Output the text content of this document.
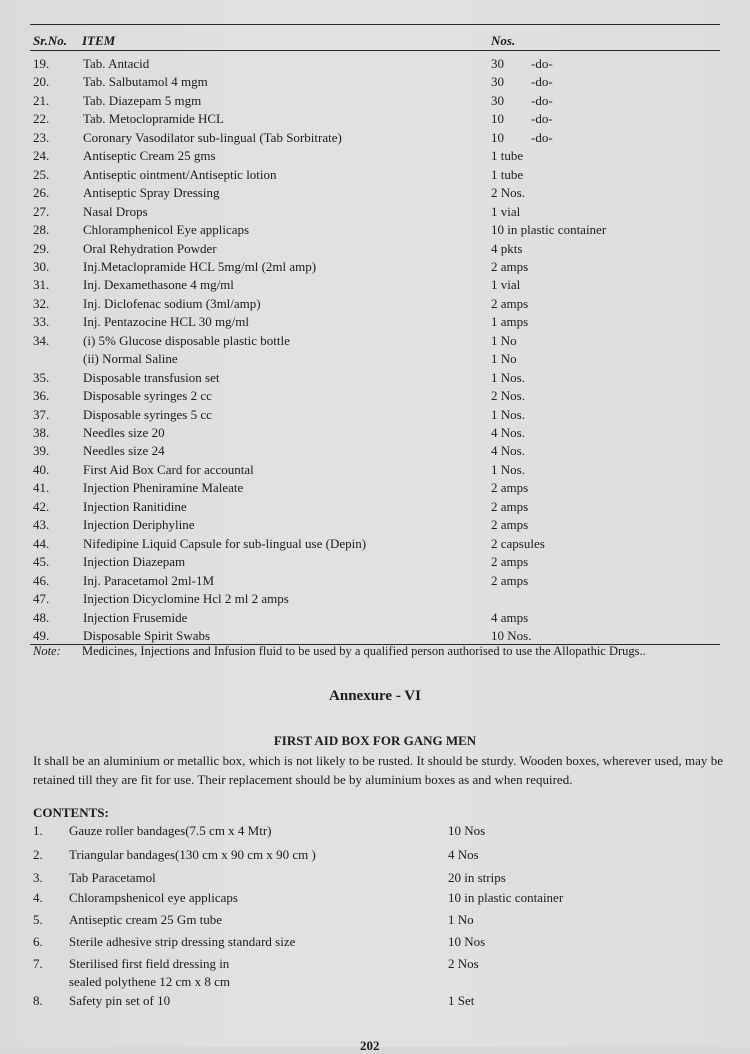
Sr.No. ITEM	Nos.
19.	Tab. Antacid	30 -do-
20.	Tab. Salbutamol 4 mgm	30 -do-
21.	Tab. Diazepam 5 mgm	30 -do-
22.	Tab. Metoclopramide HCL	10 -do-
23.	Coronary Vasodilator sub-lingual (Tab Sorbitrate)	10 -do-
24.	Antiseptic Cream 25 gms	1 tube
25.	Antiseptic ointment/Antiseptic lotion	1 tube
26.	Antiseptic Spray Dressing	2 Nos.
27.	Nasal Drops	1 vial
28.	Chloramphenicol Eye applicaps	10 in plastic container
29.	Oral Rehydration Powder	4 pkts
30.	Inj.Metaclopramide HCL 5mg/ml (2ml amp)	2 amps
31.	Inj. Dexamethasone 4 mg/ml	1 vial
32.	Inj. Diclofenac sodium (3ml/amp)	2 amps
33.	Inj. Pentazocine HCL 30 mg/ml	1 amps
34.	(i) 5% Glucose disposable plastic bottle	1 No
(ii) Normal Saline	1 No
35.	Disposable transfusion set	1 Nos.
36.	Disposable syringes 2 cc	2 Nos.
37.	Disposable syringes 5 cc	1 Nos.
38.	Needles size 20	4 Nos.
39.	Needles size 24	4 Nos.
40.	First Aid Box Card for accountal	1 Nos.
41.	Injection Pheniramine Maleate	2 amps
42.	Injection Ranitidine	2 amps
43.	Injection Deriphyline	2 amps
44.	Nifedipine Liquid Capsule for sub-lingual use (Depin)	2 capsules
45.	Injection Diazepam	2 amps
46.	Inj. Paracetamol 2ml-1M	2 amps
47.	Injection Dicyclomine Hcl 2 ml 2 amps
48.	Injection Frusemide	4 amps
49.	Disposable Spirit Swabs	10 Nos.
Note: Medicines, Injections and Infusion fluid to be used by a qualified person authorised to use the Allopathic Drugs..
Annexure - VI
FIRST AID BOX FOR GANG MEN
It shall be an aluminium or metallic box, which is not likely to be rusted. It should be sturdy. Wooden boxes, wherever used, may be retained till they are fit for use. Their replacement should be by aluminium boxes as and when required.
CONTENTS:
1. Gauze roller bandages(7.5 cm x 4 Mtr)	10 Nos
2. Triangular bandages(130 cm x 90 cm x 90 cm )	4 Nos
3. Tab Paracetamol	20 in strips
4. Chlorampshenicol eye applicaps	10 in plastic container
5. Antiseptic cream 25 Gm tube	1 No
6. Sterile adhesive strip dressing standard size	10 Nos
7. Sterilised first field dressing in
sealed polythene 12 cm x 8 cm
2 Nos
8. Safety pin set of 10	1 Set
202
